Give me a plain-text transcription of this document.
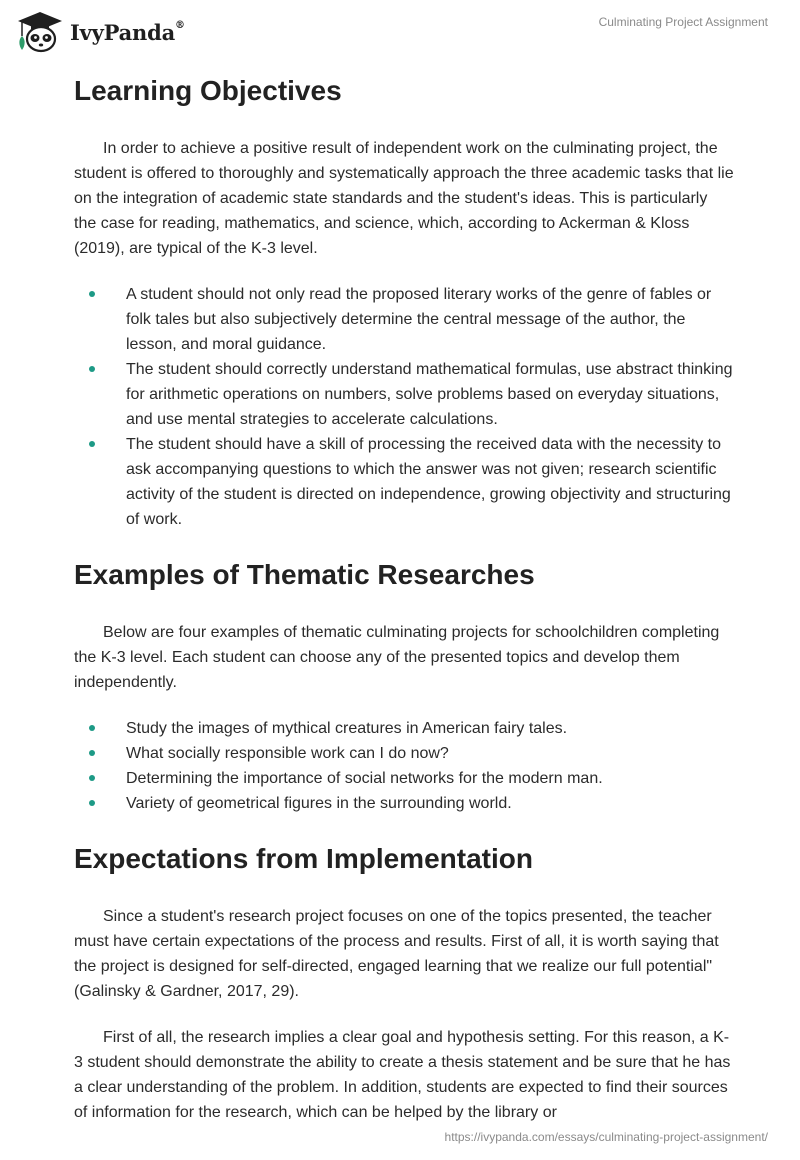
IvyPanda®	Culminating Project Assignment
Learning Objectives

In order to achieve a positive result of independent work on the culminating project, the student is offered to thoroughly and systematically approach the three academic tasks that lie on the integration of academic state standards and the student's ideas. This is particularly the case for reading, mathematics, and science, which, according to Ackerman & Kloss (2019), are typical of the K-3 level.

A student should not only read the proposed literary works of the genre of fables or folk tales but also subjectively determine the central message of the author, the lesson, and moral guidance.
The student should correctly understand mathematical formulas, use abstract thinking for arithmetic operations on numbers, solve problems based on everyday situations, and use mental strategies to accelerate calculations.
The student should have a skill of processing the received data with the necessity to ask accompanying questions to which the answer was not given; research scientific activity of the student is directed on independence, growing objectivity and structuring of work.
Examples of Thematic Researches

Below are four examples of thematic culminating projects for schoolchildren completing the K-3 level. Each student can choose any of the presented topics and develop them independently.

Study the images of mythical creatures in American fairy tales.
What socially responsible work can I do now?
Determining the importance of social networks for the modern man.
Variety of geometrical figures in the surrounding world.
Expectations from Implementation

Since a student's research project focuses on one of the topics presented, the teacher must have certain expectations of the process and results. First of all, it is worth saying that the project is designed for self-directed, engaged learning that we realize our full potential" (Galinsky & Gardner, 2017, 29).

First of all, the research implies a clear goal and hypothesis setting. For this reason, a K-3 student should demonstrate the ability to create a thesis statement and be sure that he has a clear understanding of the problem. In addition, students are expected to find their sources of information for the research, which can be helped by the library or

https://ivypanda.com/essays/culminating-project-assignment/
